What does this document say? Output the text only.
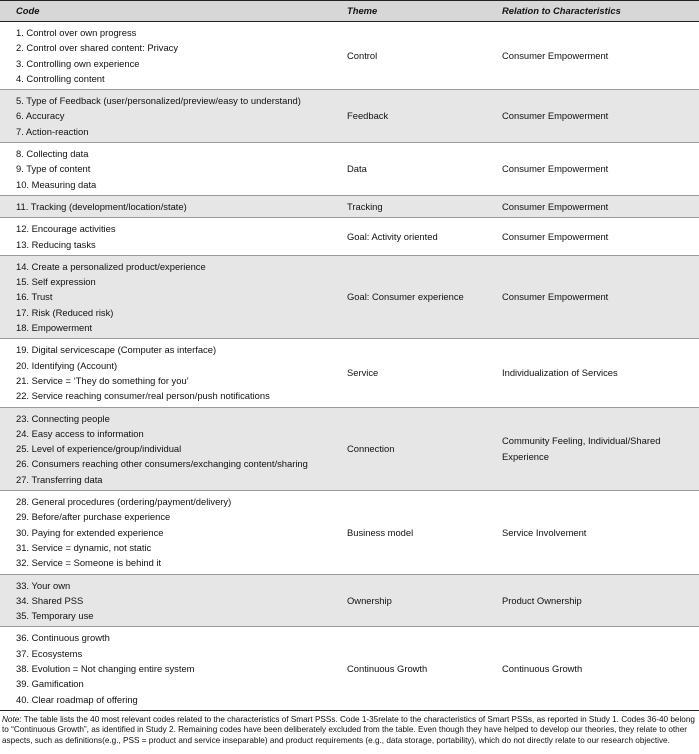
Code	Theme	Relation to Characteristics

1. Control over own progress
2. Control over shared content: Privacy
3. Controlling own experience
4. Controlling content	Control	Consumer Empowerment

5. Type of Feedback (user/personalized/preview/easy to understand)
6. Accuracy
7. Action-reaction	Feedback	Consumer Empowerment

8. Collecting data
9. Type of content
10. Measuring data	Data	Consumer Empowerment

11. Tracking (development/location/state)	Tracking	Consumer Empowerment

12. Encourage activities
13. Reducing tasks	Goal: Activity oriented	Consumer Empowerment

14. Create a personalized product/experience
15. Self expression
16. Trust
17. Risk (Reduced risk)
18. Empowerment	Goal: Consumer experience	Consumer Empowerment

19. Digital servicescape (Computer as interface)
20. Identifying (Account)
21. Service = ‘They do something for you’
22. Service reaching consumer/real person/push notifications	Service	Individualization of Services

23. Connecting people
24. Easy access to information
25. Level of experience/group/individual
26. Consumers reaching other consumers/exchanging content/sharing
27. Transferring data	Connection	Community Feeling, Individual/Shared Experience

28. General procedures (ordering/payment/delivery)
29. Before/after purchase experience
30. Paying for extended experience
31. Service = dynamic, not static
32. Service = Someone is behind it	Business model	Service Involvement

33. Your own
34. Shared PSS
35. Temporary use	Ownership	Product Ownership

36. Continuous growth
37. Ecosystems
38. Evolution = Not changing entire system
39. Gamification
40. Clear roadmap of offering	Continuous Growth	Continuous Growth
Note: The table lists the 40 most relevant codes related to the characteristics of Smart PSSs. Code 1-35relate to the characteristics of Smart PSSs, as reported in Study 1. Codes 36-40 belong to “Continuous Growth”, as identified in Study 2. Remaining codes have been deliberately excluded from the table. Even though they have helped to develop our theories, they relate to other aspects, such as definitions(e.g., PSS = product and service inseparable) and product requirements (e.g., data storage, portability), which do not directly relate to our research objective.
